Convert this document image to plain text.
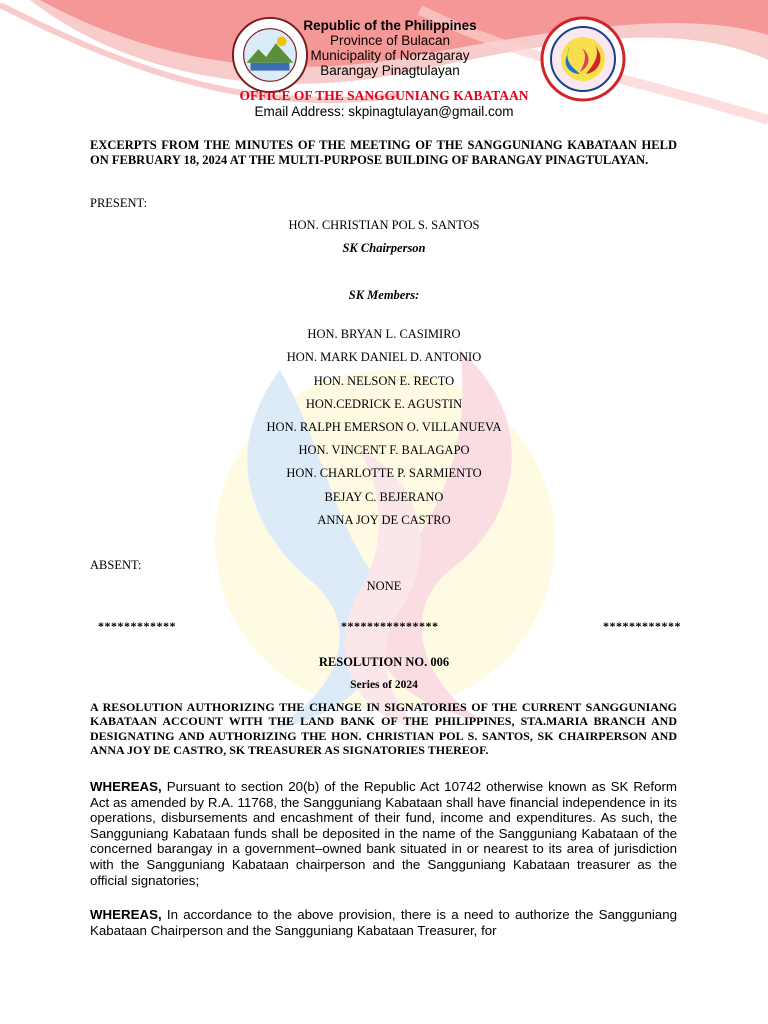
Republic of the Philippines
Province of Bulacan
Municipality of Norzagaray
Barangay Pinagtulayan
OFFICE OF THE SANGGUNIANG KABATAAN
Email Address: skpinagtulayan@gmail.com
EXCERPTS FROM THE MINUTES OF THE MEETING OF THE SANGGUNIANG KABATAAN HELD ON FEBRUARY 18, 2024 AT THE MULTI-PURPOSE BUILDING OF BARANGAY PINAGTULAYAN.
PRESENT:
HON. CHRISTIAN POL S. SANTOS
SK Chairperson
SK Members:
HON. BRYAN L. CASIMIRO
HON. MARK DANIEL D. ANTONIO
HON. NELSON E. RECTO
HON.CEDRICK E. AGUSTIN
HON. RALPH EMERSON O. VILLANUEVA
HON. VINCENT F. BALAGAPO
HON. CHARLOTTE P. SARMIENTO
BEJAY C. BEJERANO
ANNA JOY DE CASTRO
ABSENT:
NONE
************	***************	************
RESOLUTION NO. 006
Series of 2024
A RESOLUTION AUTHORIZING THE CHANGE IN SIGNATORIES OF THE CURRENT SANGGUNIANG KABATAAN ACCOUNT WITH THE LAND BANK OF THE PHILIPPINES, STA.MARIA BRANCH AND DESIGNATING AND AUTHORIZING THE HON. CHRISTIAN POL S. SANTOS, SK CHAIRPERSON AND ANNA JOY DE CASTRO, SK TREASURER AS SIGNATORIES THEREOF.
WHEREAS, Pursuant to section 20(b) of the Republic Act 10742 otherwise known as SK Reform Act as amended by R.A. 11768, the Sangguniang Kabataan shall have financial independence in its operations, disbursements and encashment of their fund, income and expenditures. As such, the Sangguniang Kabataan funds shall be deposited in the name of the Sangguniang Kabataan of the concerned barangay in a government–owned bank situated in or nearest to its area of jurisdiction with the Sangguniang Kabataan chairperson and the Sangguniang Kabataan treasurer as the official signatories;
WHEREAS, In accordance to the above provision, there is a need to authorize the Sangguniang Kabataan Chairperson and the Sangguniang Kabataan Treasurer, for
